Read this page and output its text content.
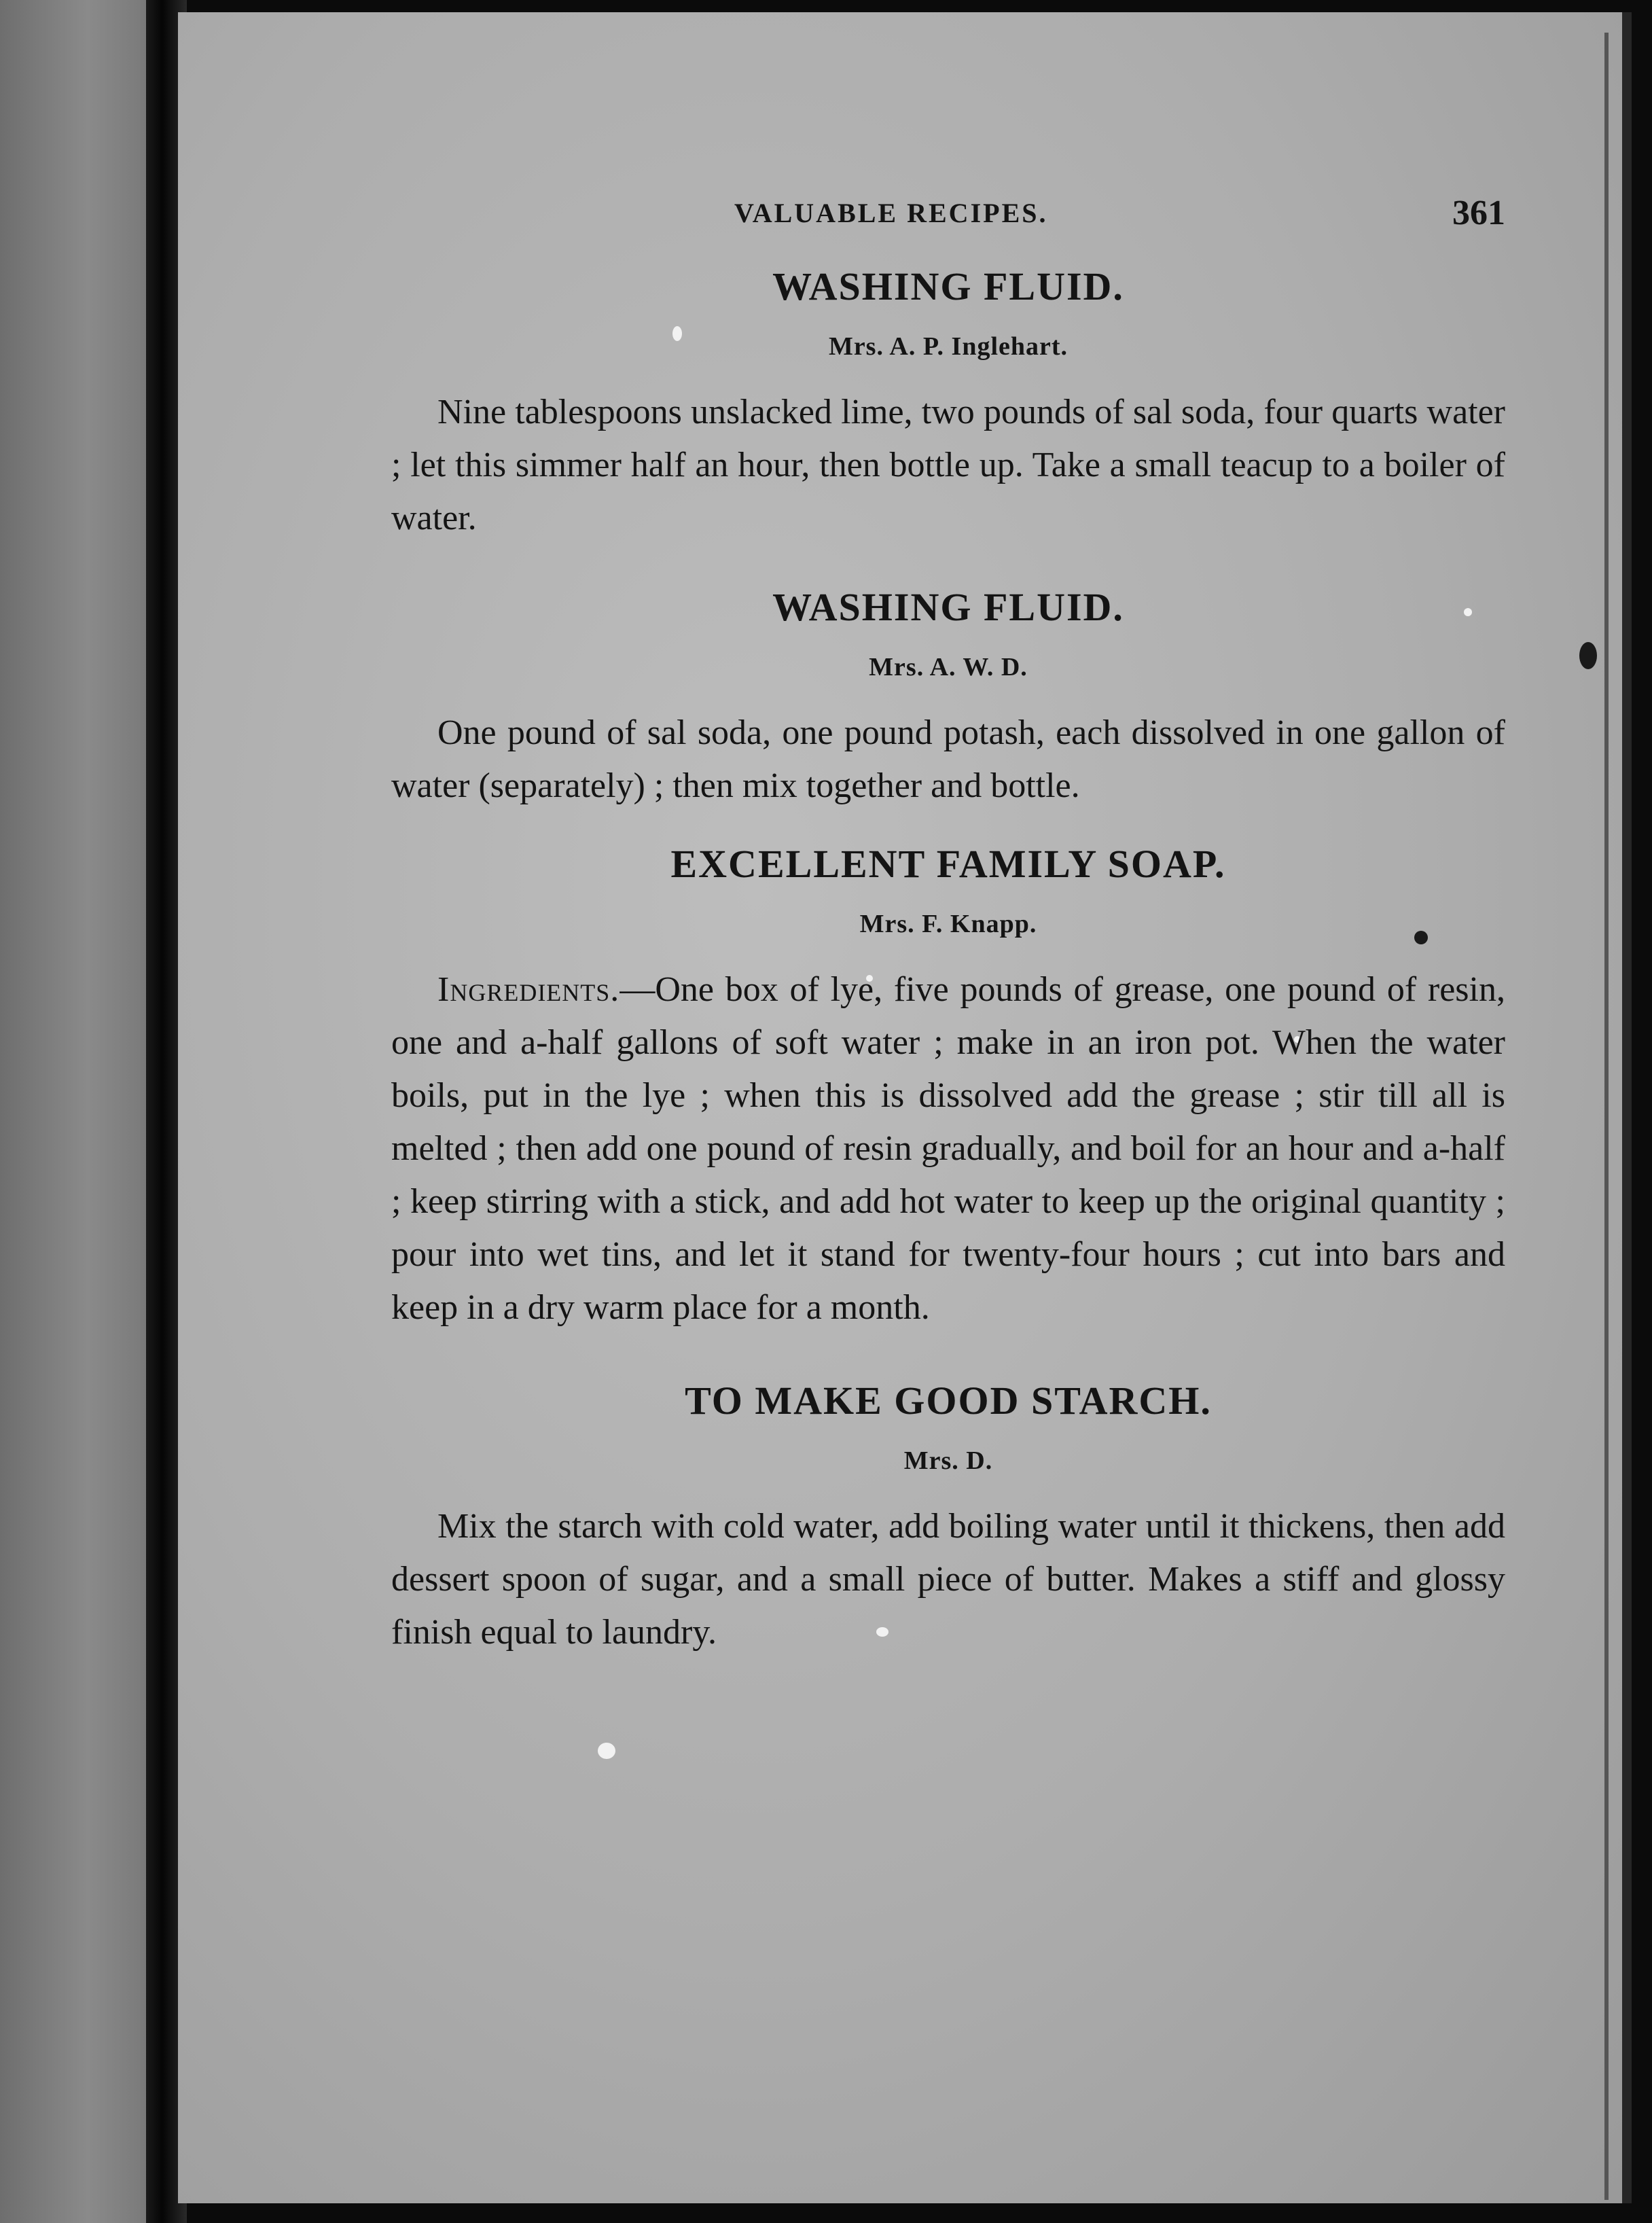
VALUABLE RECIPES.	361
WASHING FLUID.
Mrs. A. P. Inglehart.

Nine tablespoons unslacked lime, two pounds of sal soda, four quarts water ; let this simmer half an hour, then bottle up. Take a small teacup to a boiler of water.

WASHING FLUID.
Mrs. A. W. D.

One pound of sal soda, one pound potash, each dissolved in one gallon of water (separately) ; then mix together and bottle.

EXCELLENT FAMILY SOAP.
Mrs. F. Knapp.

Ingredients.—One box of lye, five pounds of grease, one pound of resin, one and a-half gallons of soft water ; make in an iron pot. When the water boils, put in the lye ; when this is dissolved add the grease ; stir till all is melted ; then add one pound of resin gradually, and boil for an hour and a-half ; keep stirring with a stick, and add hot water to keep up the original quantity ; pour into wet tins, and let it stand for twenty-four hours ; cut into bars and keep in a dry warm place for a month.

TO MAKE GOOD STARCH.
Mrs. D.

Mix the starch with cold water, add boiling water until it thickens, then add dessert spoon of sugar, and a small piece of butter. Makes a stiff and glossy finish equal to laundry.
